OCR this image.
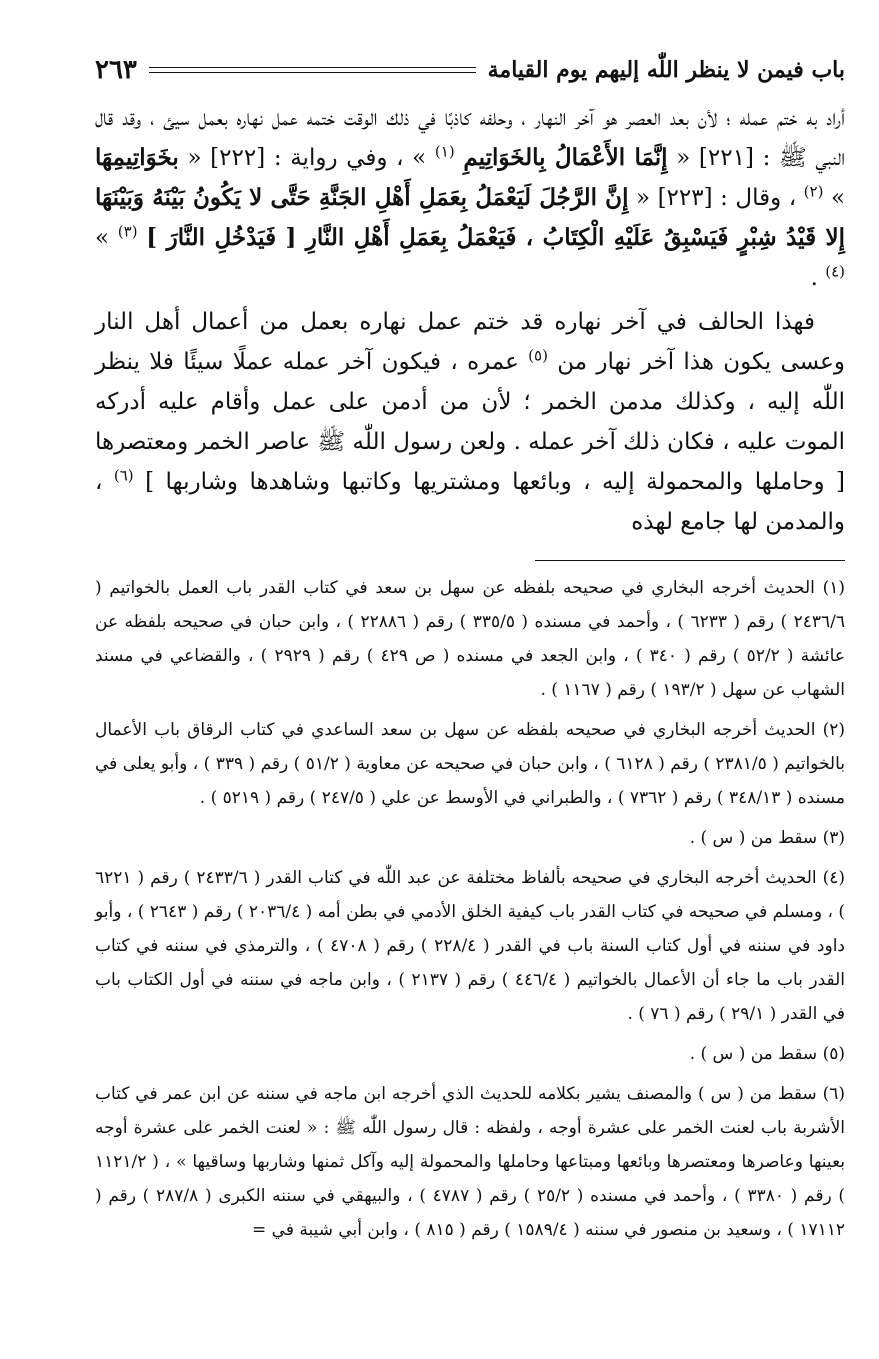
باب فيمن لا ينظر اللّٰه إليهم يوم القيامة
٢٦٣

أراد به ختم عمله ؛ لأن بعد العصر هو آخر النهار ، وحلفه كاذبًا في ذلك الوقت ختمه عمل نهاره بعمل سيئ ، وقد قال النبي ﷺ : [٢٢١] « إِنَّمَا الأَعْمَالُ بِالخَوَاتِيمِ $^{(١)}$ » ، وفي رواية : [٢٢٢] « بخَوَاتِيمِهَا » $^{(٢)}$ ، وقال : [٢٢٣] « إِنَّ الرَّجُلَ لَيَعْمَلُ بِعَمَلِ أَهْلِ الجَنَّةِ حَتَّى لا يَكُونُ بَيْنَهُ وَبَيْنَهَا إِلا قَيْدُ شِبْرٍ فَيَسْبِقُ عَلَيْهِ الْكِتَابُ ، فَيَعْمَلُ بِعَمَلِ أَهْلِ النَّارِ [ فَيَدْخُلِ النَّارَ ] $^{(٣)}$ » $^{(٤)}$ .

فهذا الحالف في آخر نهاره قد ختم عمل نهاره بعمل من أعمال أهل النار وعسى يكون هذا آخر نهار من $^{(٥)}$ عمره ، فيكون آخر عمله عملًا سيئًا فلا ينظر اللّٰه إليه ، وكذلك مدمن الخمر ؛ لأن من أدمن على عمل وأقام عليه أدركه الموت عليه ، فكان ذلك آخر عمله . ولعن رسول اللّٰه ﷺ عاصر الخمر ومعتصرها [ وحاملها والمحمولة إليه ، وبائعها ومشتريها وكاتبها وشاهدها وشاربها ] $^{(٦)}$ ، والمدمن لها جامع لهذه

(١) الحديث أخرجه البخاري في صحيحه بلفظه عن سهل بن سعد في كتاب القدر باب العمل بالخواتيم ( ٢٤٣٦/٦ ) رقم ( ٦٢٣٣ ) ، وأحمد في مسنده ( ٣٣٥/٥ ) رقم ( ٢٢٨٨٦ ) ، وابن حبان في صحيحه بلفظه عن عائشة ( ٥٢/٢ ) رقم ( ٣٤٠ ) ، وابن الجعد في مسنده ( ص ٤٢٩ ) رقم ( ٢٩٢٩ ) ، والقضاعي في مسند الشهاب عن سهل ( ١٩٣/٢ ) رقم ( ١١٦٧ ) .

(٢) الحديث أخرجه البخاري في صحيحه بلفظه عن سهل بن سعد الساعدي في كتاب الرقاق باب الأعمال بالخواتيم ( ٢٣٨١/٥ ) رقم ( ٦١٢٨ ) ، وابن حبان في صحيحه عن معاوية ( ٥١/٢ ) رقم ( ٣٣٩ ) ، وأبو يعلى في مسنده ( ٣٤٨/١٣ ) رقم ( ٧٣٦٢ ) ، والطبراني في الأوسط عن علي ( ٢٤٧/٥ ) رقم ( ٥٢١٩ ) .

(٣) سقط من ( س ) .

(٤) الحديث أخرجه البخاري في صحيحه بألفاظ مختلفة عن عبد اللّٰه في كتاب القدر ( ٢٤٣٣/٦ ) رقم ( ٦٢٢١ ) ، ومسلم في صحيحه في كتاب القدر باب كيفية الخلق الأدمي في بطن أمه ( ٢٠٣٦/٤ ) رقم ( ٢٦٤٣ ) ، وأبو داود في سننه في أول كتاب السنة باب في القدر ( ٢٢٨/٤ ) رقم ( ٤٧٠٨ ) ، والترمذي في سننه في كتاب القدر باب ما جاء أن الأعمال بالخواتيم ( ٤٤٦/٤ ) رقم ( ٢١٣٧ ) ، وابن ماجه في سننه في أول الكتاب باب في القدر ( ٢٩/١ ) رقم ( ٧٦ ) .

(٥) سقط من ( س ) .

(٦) سقط من ( س ) والمصنف يشير بكلامه للحديث الذي أخرجه ابن ماجه في سننه عن ابن عمر في كتاب الأشربة باب لعنت الخمر على عشرة أوجه ، ولفظه : قال رسول اللّٰه ﷺ : « لعنت الخمر على عشرة أوجه بعينها وعاصرها ومعتصرها وبائعها ومبتاعها وحاملها والمحمولة إليه وآكل ثمنها وشاربها وساقيها » ، ( ١١٢١/٢ ) رقم ( ٣٣٨٠ ) ، وأحمد في مسنده ( ٢٥/٢ ) رقم ( ٤٧٨٧ ) ، والبيهقي في سننه الكبرى ( ٢٨٧/٨ ) رقم ( ١٧١١٢ ) ، وسعيد بن منصور في سننه ( ١٥٨٩/٤ ) رقم ( ٨١٥ ) ، وابن أبي شيبة في =
